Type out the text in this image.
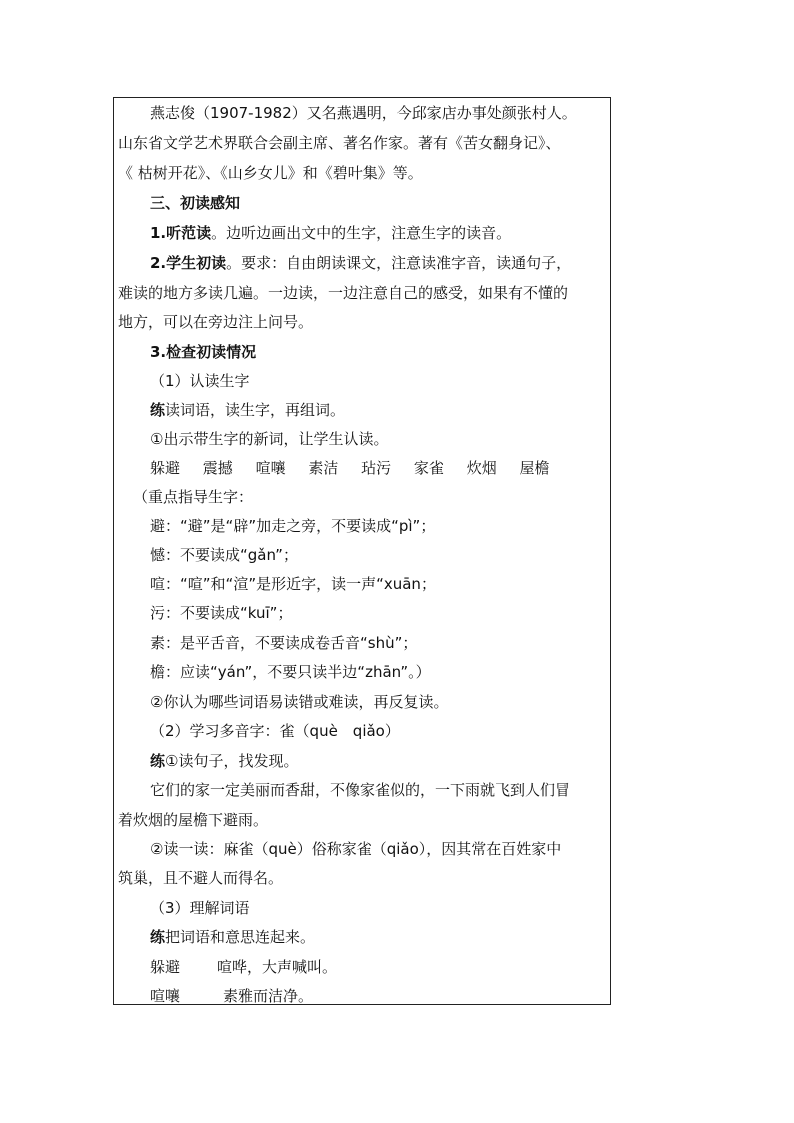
燕志俊（1907-1982）又名燕遇明，今邱家店办事处颜张村人。
山东省文学艺术界联合会副主席、著名作家。著有《苦女翻身记》、
《 枯树开花》、《山乡女儿》和《碧叶集》等。
三、初读感知
1.听范读。边听边画出文中的生字，注意生字的读音。
2.学生初读。要求：自由朗读课文，注意读准字音，读通句子，
难读的地方多读几遍。一边读，一边注意自己的感受，如果有不懂的
地方，可以在旁边注上问号。
3.检查初读情况
（1）认读生字
练读词语，读生字，再组词。
①出示带生字的新词，让学生认读。
躲避 震撼 喧嚷 素洁 玷污 家雀 炊烟 屋檐
（重点指导生字：
避：“避”是“辟”加走之旁，不要读成“pì”；
憾：不要读成“gǎn”；
喧：“喧”和“渲”是形近字，读一声“xuān；
污：不要读成“kuī”；
素：是平舌音，不要读成卷舌音“shù”；
檐：应读“yán”，不要只读半边“zhān”。）
②你认为哪些词语易读错或难读，再反复读。
（2）学习多音字：雀（què　qiǎo）
练①读句子，找发现。
它们的家一定美丽而香甜，不像家雀似的，一下雨就飞到人们冒
着炊烟的屋檐下避雨。
②读一读：麻雀（què）俗称家雀（qiǎo），因其常在百姓家中
筑巢，且不避人而得名。
（3）理解词语
练把词语和意思连起来。
躲避 喧哗，大声喊叫。
喧嚷	素雅而洁净。
